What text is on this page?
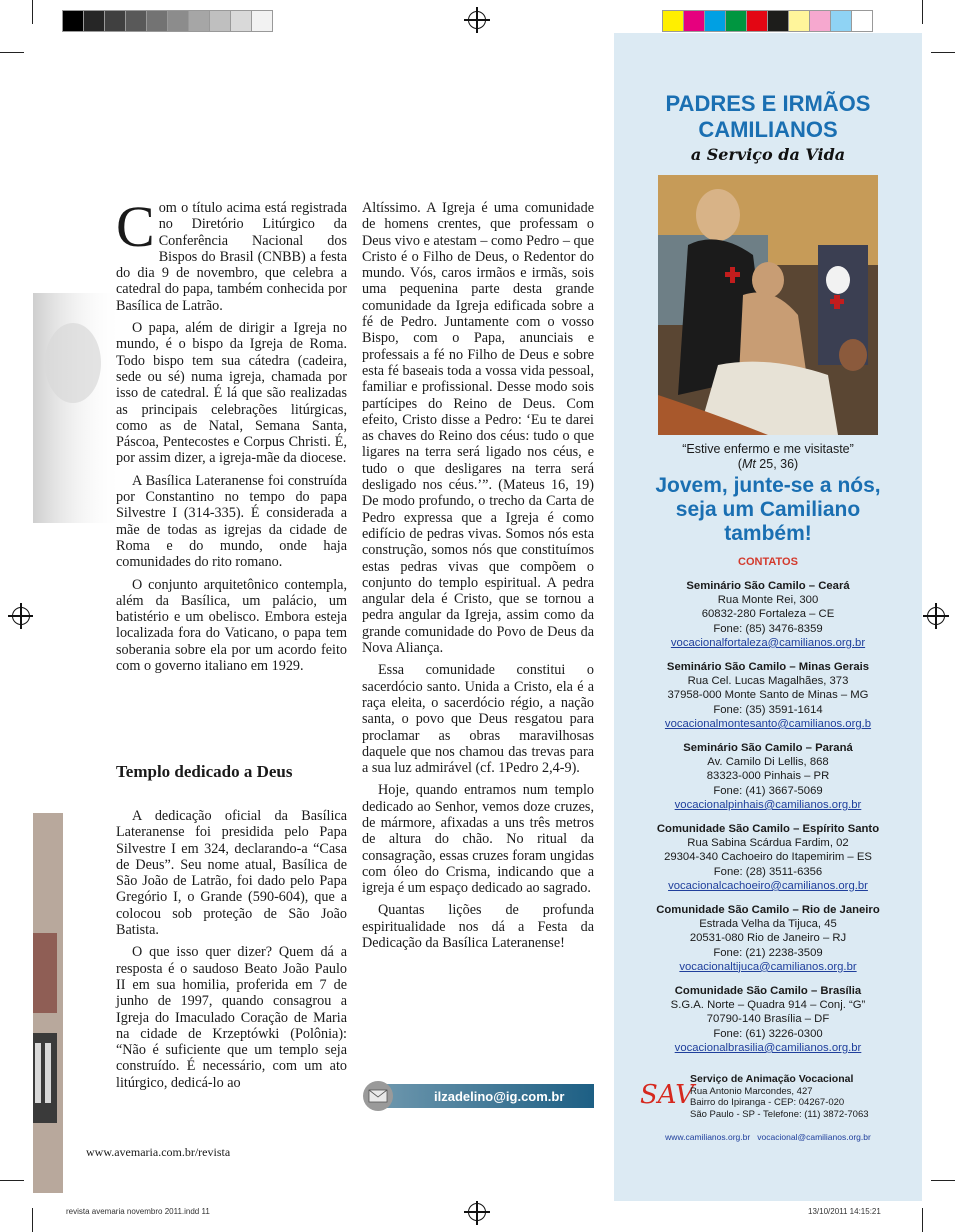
Com o título acima está registrada no Diretório Litúrgico da Conferência Nacional dos Bispos do Brasil (CNBB) a festa do dia 9 de novembro, que celebra a catedral do papa, também conhecida por Basílica de Latrão.

O papa, além de dirigir a Igreja no mundo, é o bispo da Igreja de Roma. Todo bispo tem sua cátedra (cadeira, sede ou sé) numa igreja, chamada por isso de catedral. É lá que são realizadas as principais celebrações litúrgicas, como as de Natal, Semana Santa, Páscoa, Pentecostes e Corpus Christi. É, por assim dizer, a igreja-mãe da diocese.

A Basílica Lateranense foi construída por Constantino no tempo do papa Silvestre I (314-335). É considerada a mãe de todas as igrejas da cidade de Roma e do mundo, onde haja comunidades do rito romano.

O conjunto arquitetônico contempla, além da Basílica, um palácio, um batistério e um obelisco. Embora esteja localizada fora do Vaticano, o papa tem soberania sobre ela por um acordo feito com o governo italiano em 1929.

Templo dedicado a Deus

A dedicação oficial da Basílica Lateranense foi presidida pelo Papa Silvestre I em 324, declarando-a “Casa de Deus”. Seu nome atual, Basílica de São João de Latrão, foi dado pelo Papa Gregório I, o Grande (590-604), que a colocou sob proteção de São João Batista.

O que isso quer dizer? Quem dá a resposta é o saudoso Beato João Paulo II em sua homilia, proferida em 7 de junho de 1997, quando consagrou a Igreja do Imaculado Coração de Maria na cidade de Krzeptówki (Polônia): “Não é suficiente que um templo seja construído. É necessário, com um ato litúrgico, dedicá-lo ao

Altíssimo. A Igreja é uma comunidade de homens crentes, que professam o Deus vivo e atestam – como Pedro – que Cristo é o Filho de Deus, o Redentor do mundo. Vós, caros irmãos e irmãs, sois uma pequenina parte desta grande comunidade da Igreja edificada sobre a fé de Pedro. Juntamente com o vosso Bispo, com o Papa, anunciais e professais a fé no Filho de Deus e sobre esta fé baseais toda a vossa vida pessoal, familiar e profissional. Desse modo sois partícipes do Reino de Deus. Com efeito, Cristo disse a Pedro: ‘Eu te darei as chaves do Reino dos céus: tudo o que ligares na terra será ligado nos céus, e tudo o que desligares na terra será desligado nos céus.’”. (Mateus 16, 19) De modo profundo, o trecho da Carta de Pedro expressa que a Igreja é como edifício de pedras vivas. Somos nós esta construção, somos nós que constituímos estas pedras vivas que compõem o conjunto do templo espiritual. A pedra angular dela é Cristo, que se tornou a pedra angular da Igreja, assim como da grande comunidade do Povo de Deus da Nova Aliança.

Essa comunidade constitui o sacerdócio santo. Unida a Cristo, ela é a raça eleita, o sacerdócio régio, a nação santa, o povo que Deus resgatou para proclamar as obras maravilhosas daquele que nos chamou das trevas para a sua luz admirável (cf. 1Pedro 2,4-9).

Hoje, quando entramos num templo dedicado ao Senhor, vemos doze cruzes, de mármore, afixadas a uns três metros de altura do chão. No ritual da consagração, essas cruzes foram ungidas com óleo do Crisma, indicando que a igreja é um espaço dedicado ao sagrado.

Quantas lições de profunda espiritualidade nos dá a Festa da Dedicação da Basílica Lateranense!

ilzadelino@ig.com.br
www.avemaria.com.br/revista
PADRES E IRMÃOS
CAMILIANOS
a Serviço da Vida
“Estive enfermo e me visitaste”
(Mt 25, 36)
Jovem, junte-se a nós,
seja um Camiliano
também!
CONTATOS
Seminário São Camilo – Ceará
Rua Monte Rei, 300
60832-280 Fortaleza – CE
Fone: (85) 3476-8359
vocacionalfortaleza@camilianos.org.br
Seminário São Camilo – Minas Gerais
Rua Cel. Lucas Magalhães, 373
37958-000 Monte Santo de Minas – MG
Fone: (35) 3591-1614
vocacionalmontesanto@camilianos.org.b
Seminário São Camilo – Paraná
Av. Camilo Di Lellis, 868
83323-000 Pinhais – PR
Fone: (41) 3667-5069
vocacionalpinhais@camilianos.org.br
Comunidade São Camilo – Espírito Santo
Rua Sabina Scárdua Fardim, 02
29304-340 Cachoeiro do Itapemirim – ES
Fone: (28) 3511-6356
vocacionalcachoeiro@camilianos.org.br
Comunidade São Camilo – Rio de Janeiro
Estrada Velha da Tijuca, 45
20531-080 Rio de Janeiro – RJ
Fone: (21) 2238-3509
vocacionaltijuca@camilianos.org.br
Comunidade São Camilo – Brasília
S.G.A. Norte – Quadra 914 – Conj. “G”
70790-140 Brasília – DF
Fone: (61) 3226-0300
vocacionalbrasilia@camilianos.org.br
SAV
Serviço de Animação Vocacional
Rua Antonio Marcondes, 427
Bairro do Ipiranga - CEP: 04267-020
São Paulo - SP - Telefone: (11) 3872-7063
www.camilianos.org.br vocacional@camilianos.org.br
revista avemaria novembro 2011.indd 11	13/10/2011 14:15:21
